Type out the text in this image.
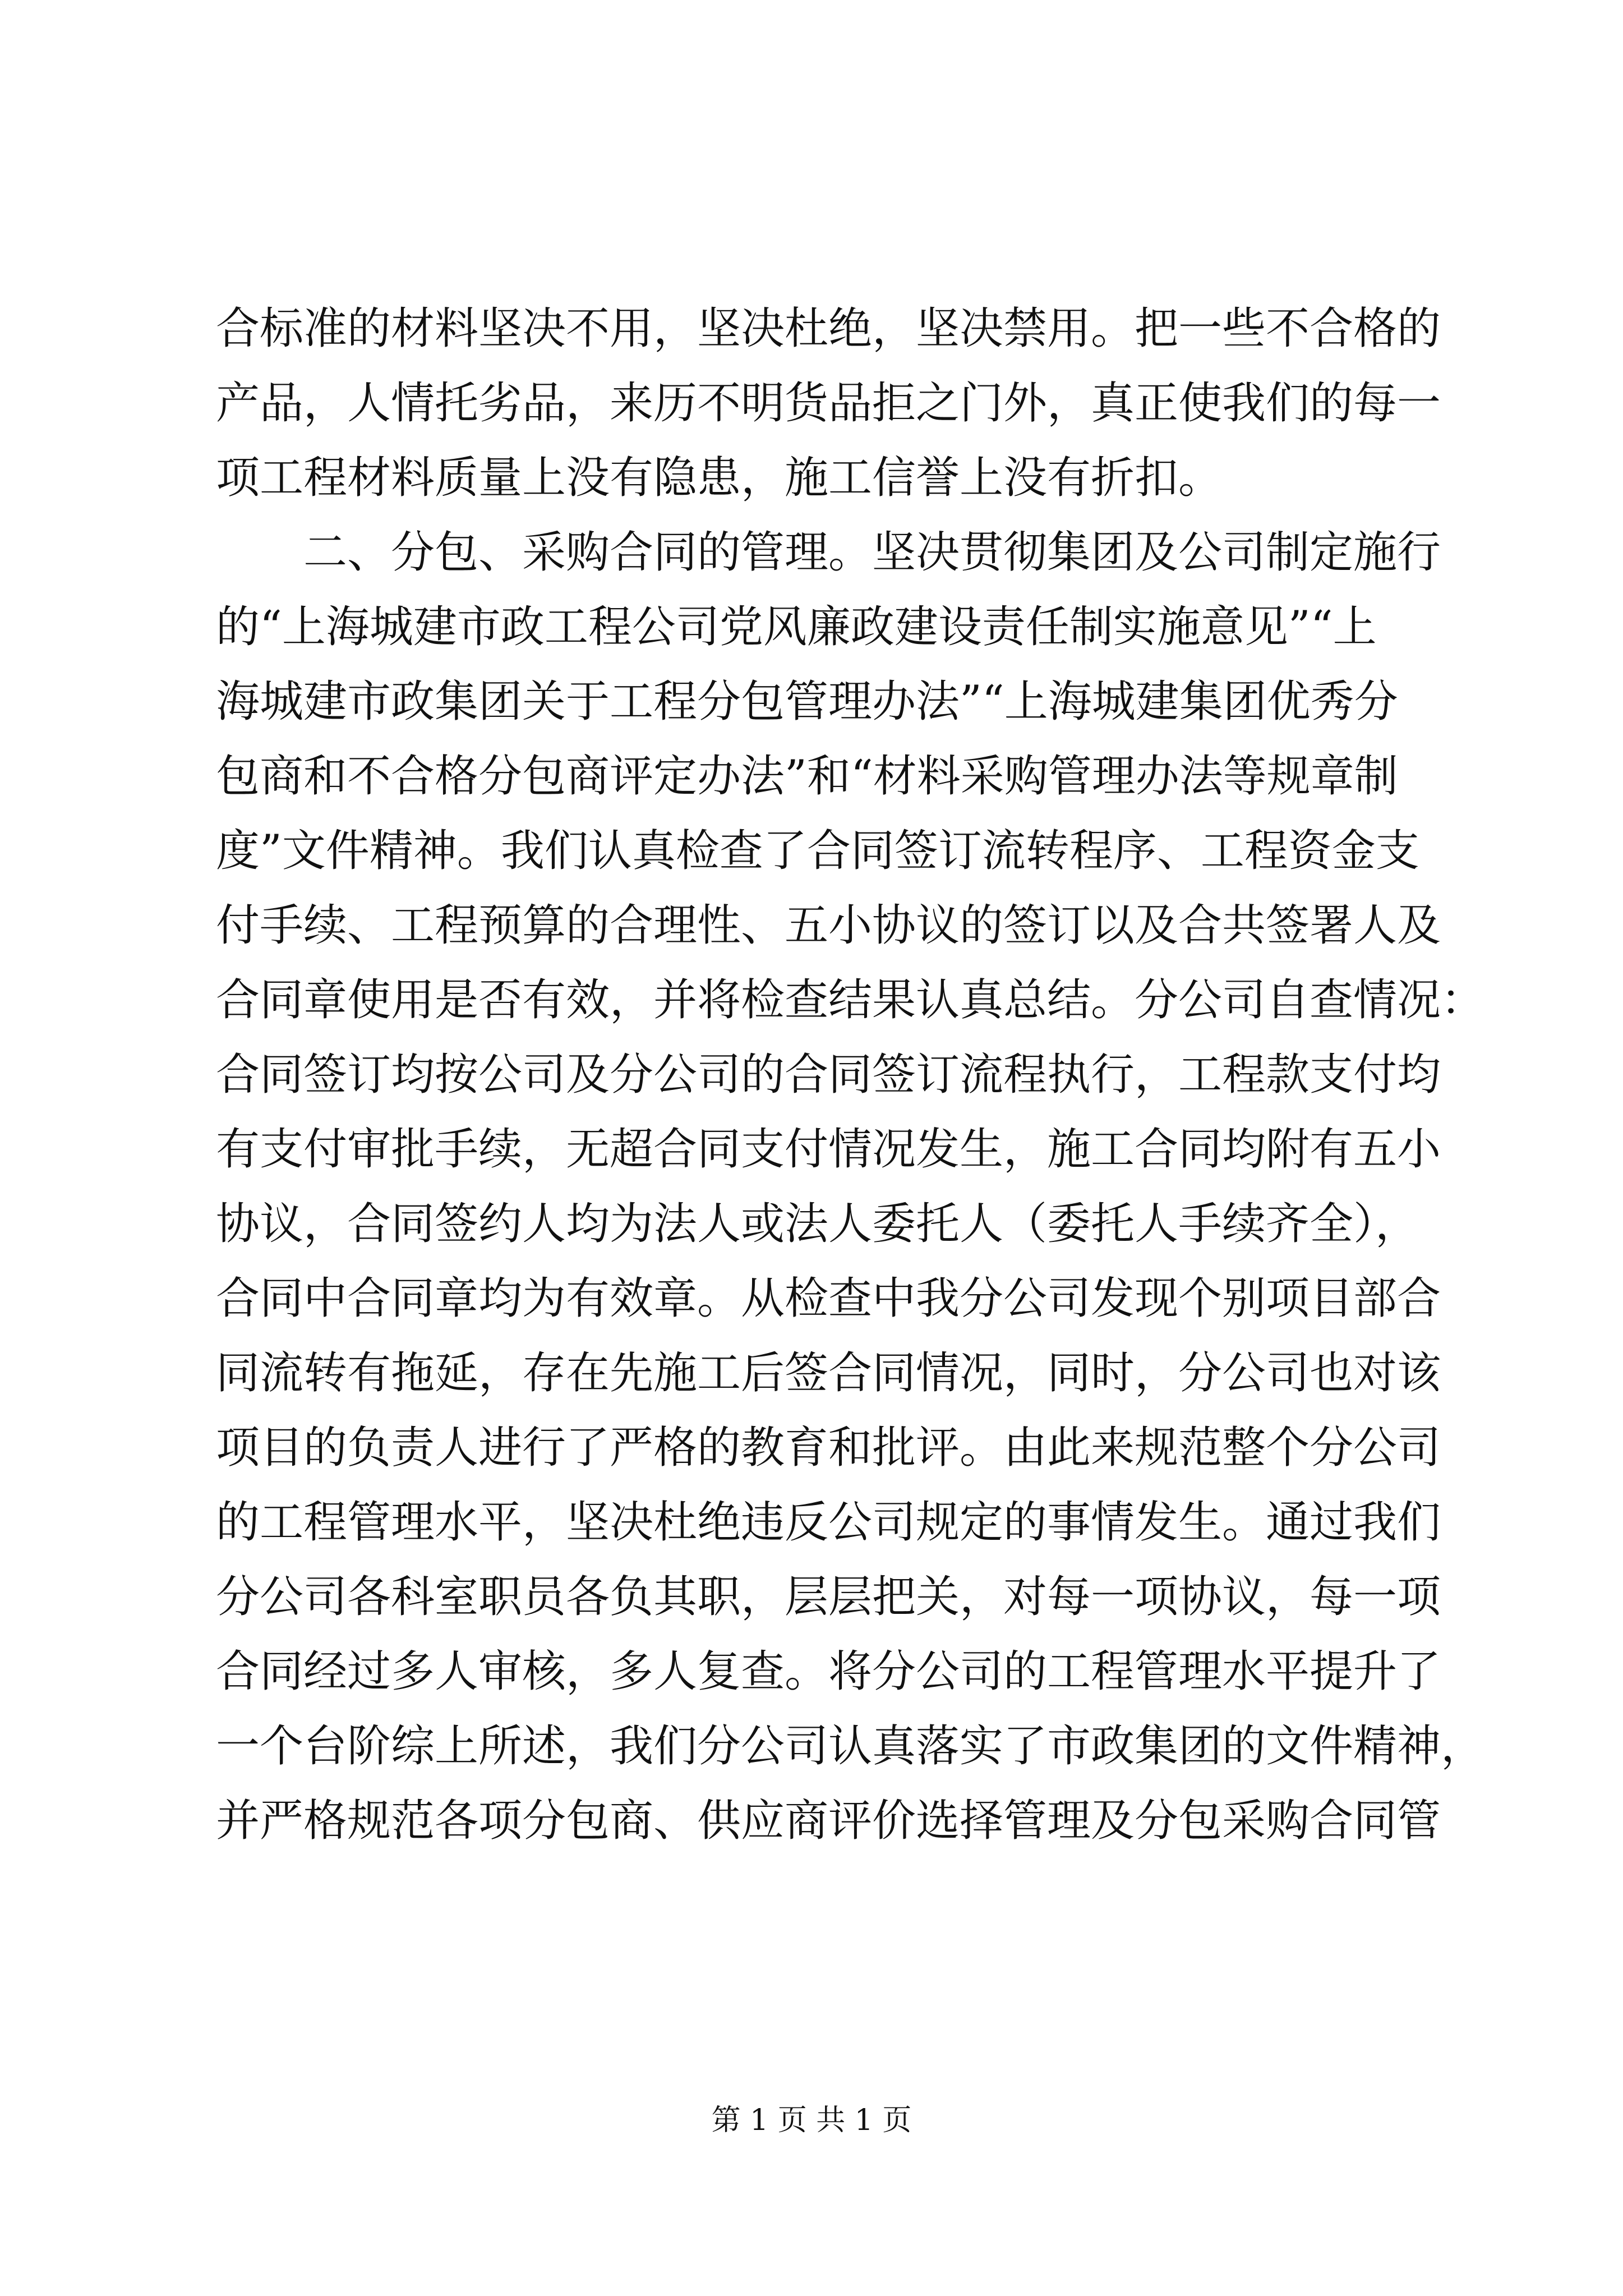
合标准的材料坚决不用，坚决杜绝，坚决禁用。把一些不合格的
产品，人情托劣品，来历不明货品拒之门外，真正使我们的每一
项工程材料质量上没有隐患，施工信誉上没有折扣。
二、分包、采购合同的管理。坚决贯彻集团及公司制定施行
的“上海城建市政工程公司党风廉政建设责任制实施意见”“上
海城建市政集团关于工程分包管理办法”“上海城建集团优秀分
包商和不合格分包商评定办法”和“材料采购管理办法等规章制
度”文件精神。我们认真检查了合同签订流转程序、工程资金支
付手续、工程预算的合理性、五小协议的签订以及合共签署人及
合同章使用是否有效，并将检查结果认真总结。分公司自查情况：
合同签订均按公司及分公司的合同签订流程执行，工程款支付均
有支付审批手续，无超合同支付情况发生，施工合同均附有五小
协议，合同签约人均为法人或法人委托人（委托人手续齐全），
合同中合同章均为有效章。从检查中我分公司发现个别项目部合
同流转有拖延，存在先施工后签合同情况，同时，分公司也对该
项目的负责人进行了严格的教育和批评。由此来规范整个分公司
的工程管理水平，坚决杜绝违反公司规定的事情发生。通过我们
分公司各科室职员各负其职，层层把关，对每一项协议，每一项
合同经过多人审核，多人复查。将分公司的工程管理水平提升了
一个台阶综上所述，我们分公司认真落实了市政集团的文件精神，
并严格规范各项分包商、供应商评价选择管理及分包采购合同管
第 1 页 共 1 页
